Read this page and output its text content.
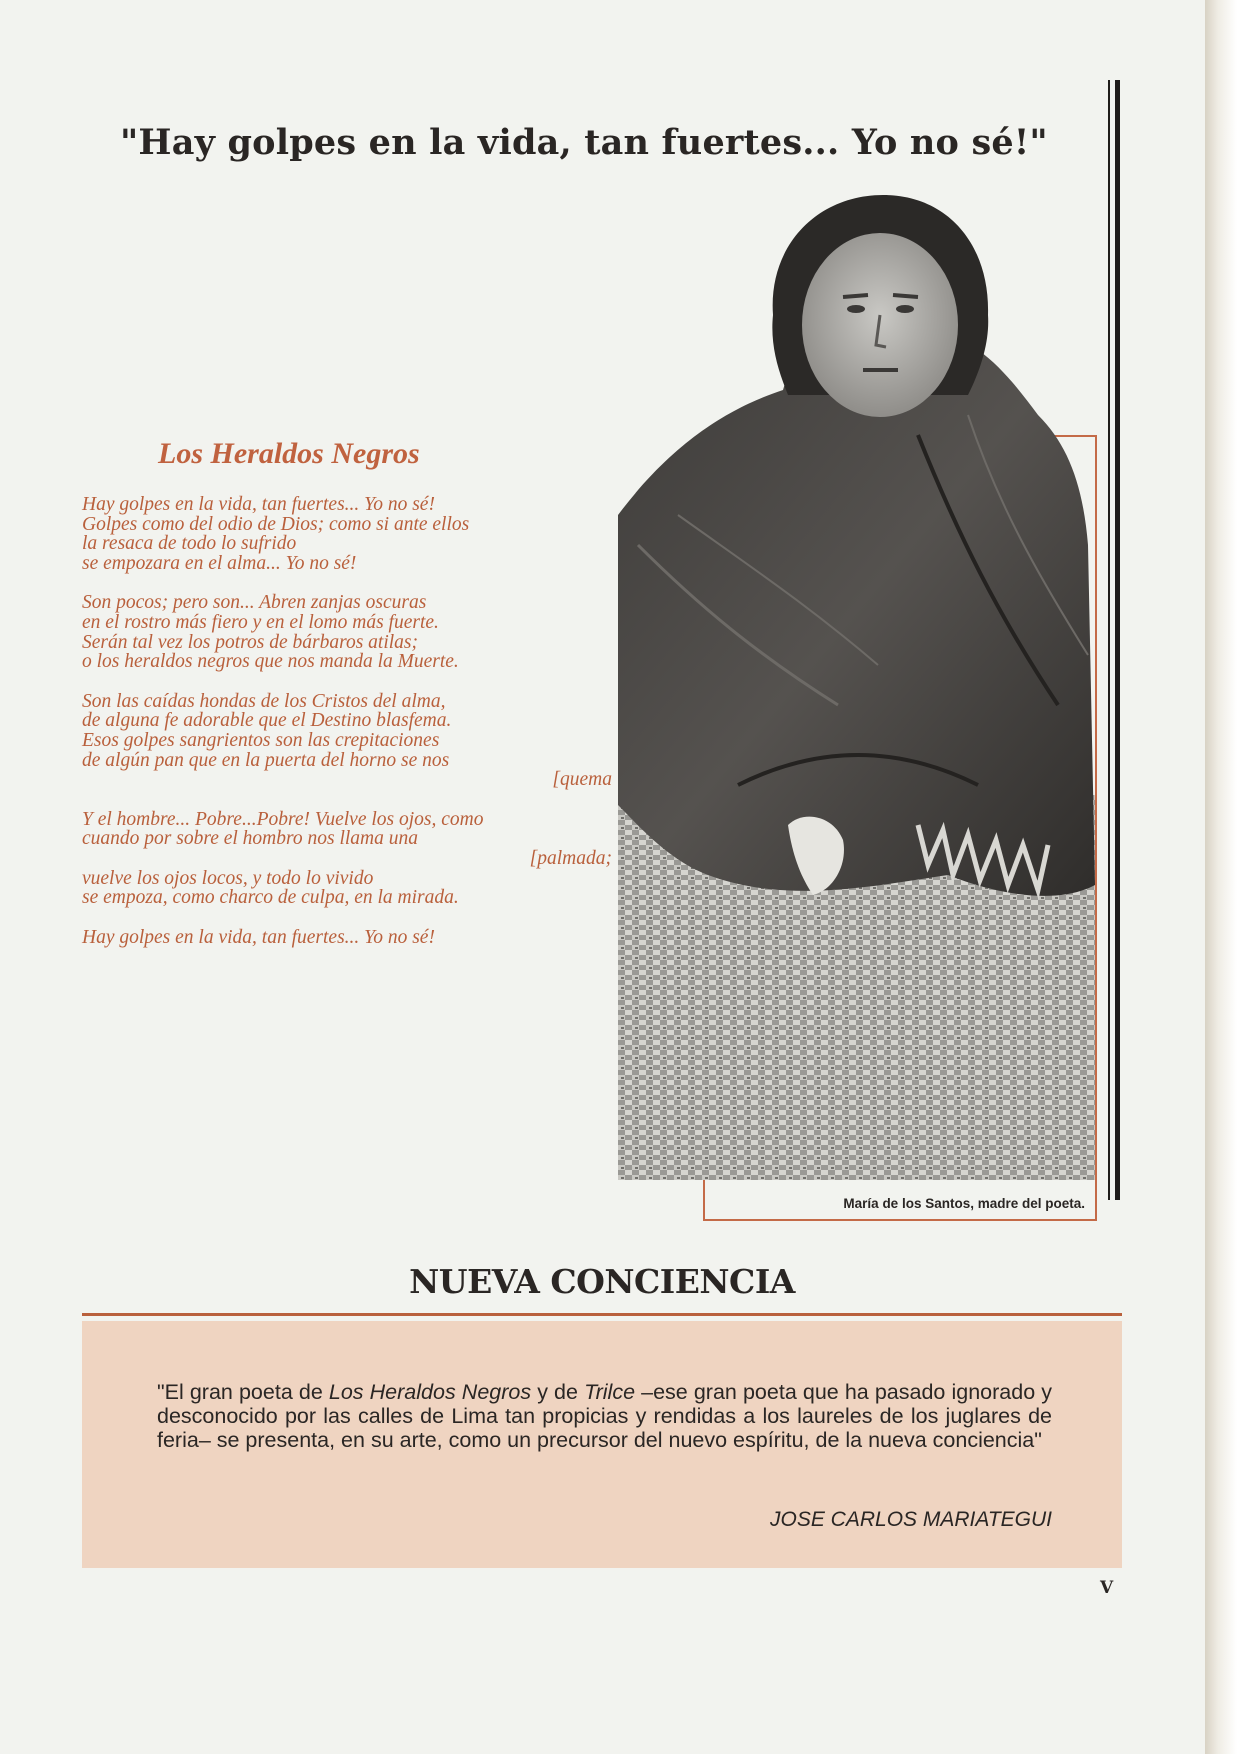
"Hay golpes en la vida, tan fuertes... Yo no sé!"
Los Heraldos Negros

Hay golpes en la vida, tan fuertes... Yo no sé!
Golpes como del odio de Dios; como si ante ellos
la resaca de todo lo sufrido
se empozara en el alma... Yo no sé!

Son pocos; pero son... Abren zanjas oscuras
en el rostro más fiero y en el lomo más fuerte.
Serán tal vez los potros de bárbaros atilas;
o los heraldos negros que nos manda la Muerte.

Son las caídas hondas de los Cristos del alma,
de alguna fe adorable que el Destino blasfema.
Esos golpes sangrientos son las crepitaciones
de algún pan que en la puerta del horno se nos
[quema

Y el hombre... Pobre...Pobre! Vuelve los ojos, como
cuando por sobre el hombro nos llama una
[palmada;
vuelve los ojos locos, y todo lo vivido
se empoza, como charco de culpa, en la mirada.

Hay golpes en la vida, tan fuertes... Yo no sé!

María de los Santos, madre del poeta.
NUEVA CONCIENCIA
"El gran poeta de Los Heraldos Negros y de Trilce –ese gran poeta que ha pasado ignorado y desconocido por las calles de Lima tan propicias y rendidas a los laureles de los juglares de feria– se presenta, en su arte, como un precursor del nuevo espíritu, de la nueva conciencia"
JOSE CARLOS MARIATEGUI
V
